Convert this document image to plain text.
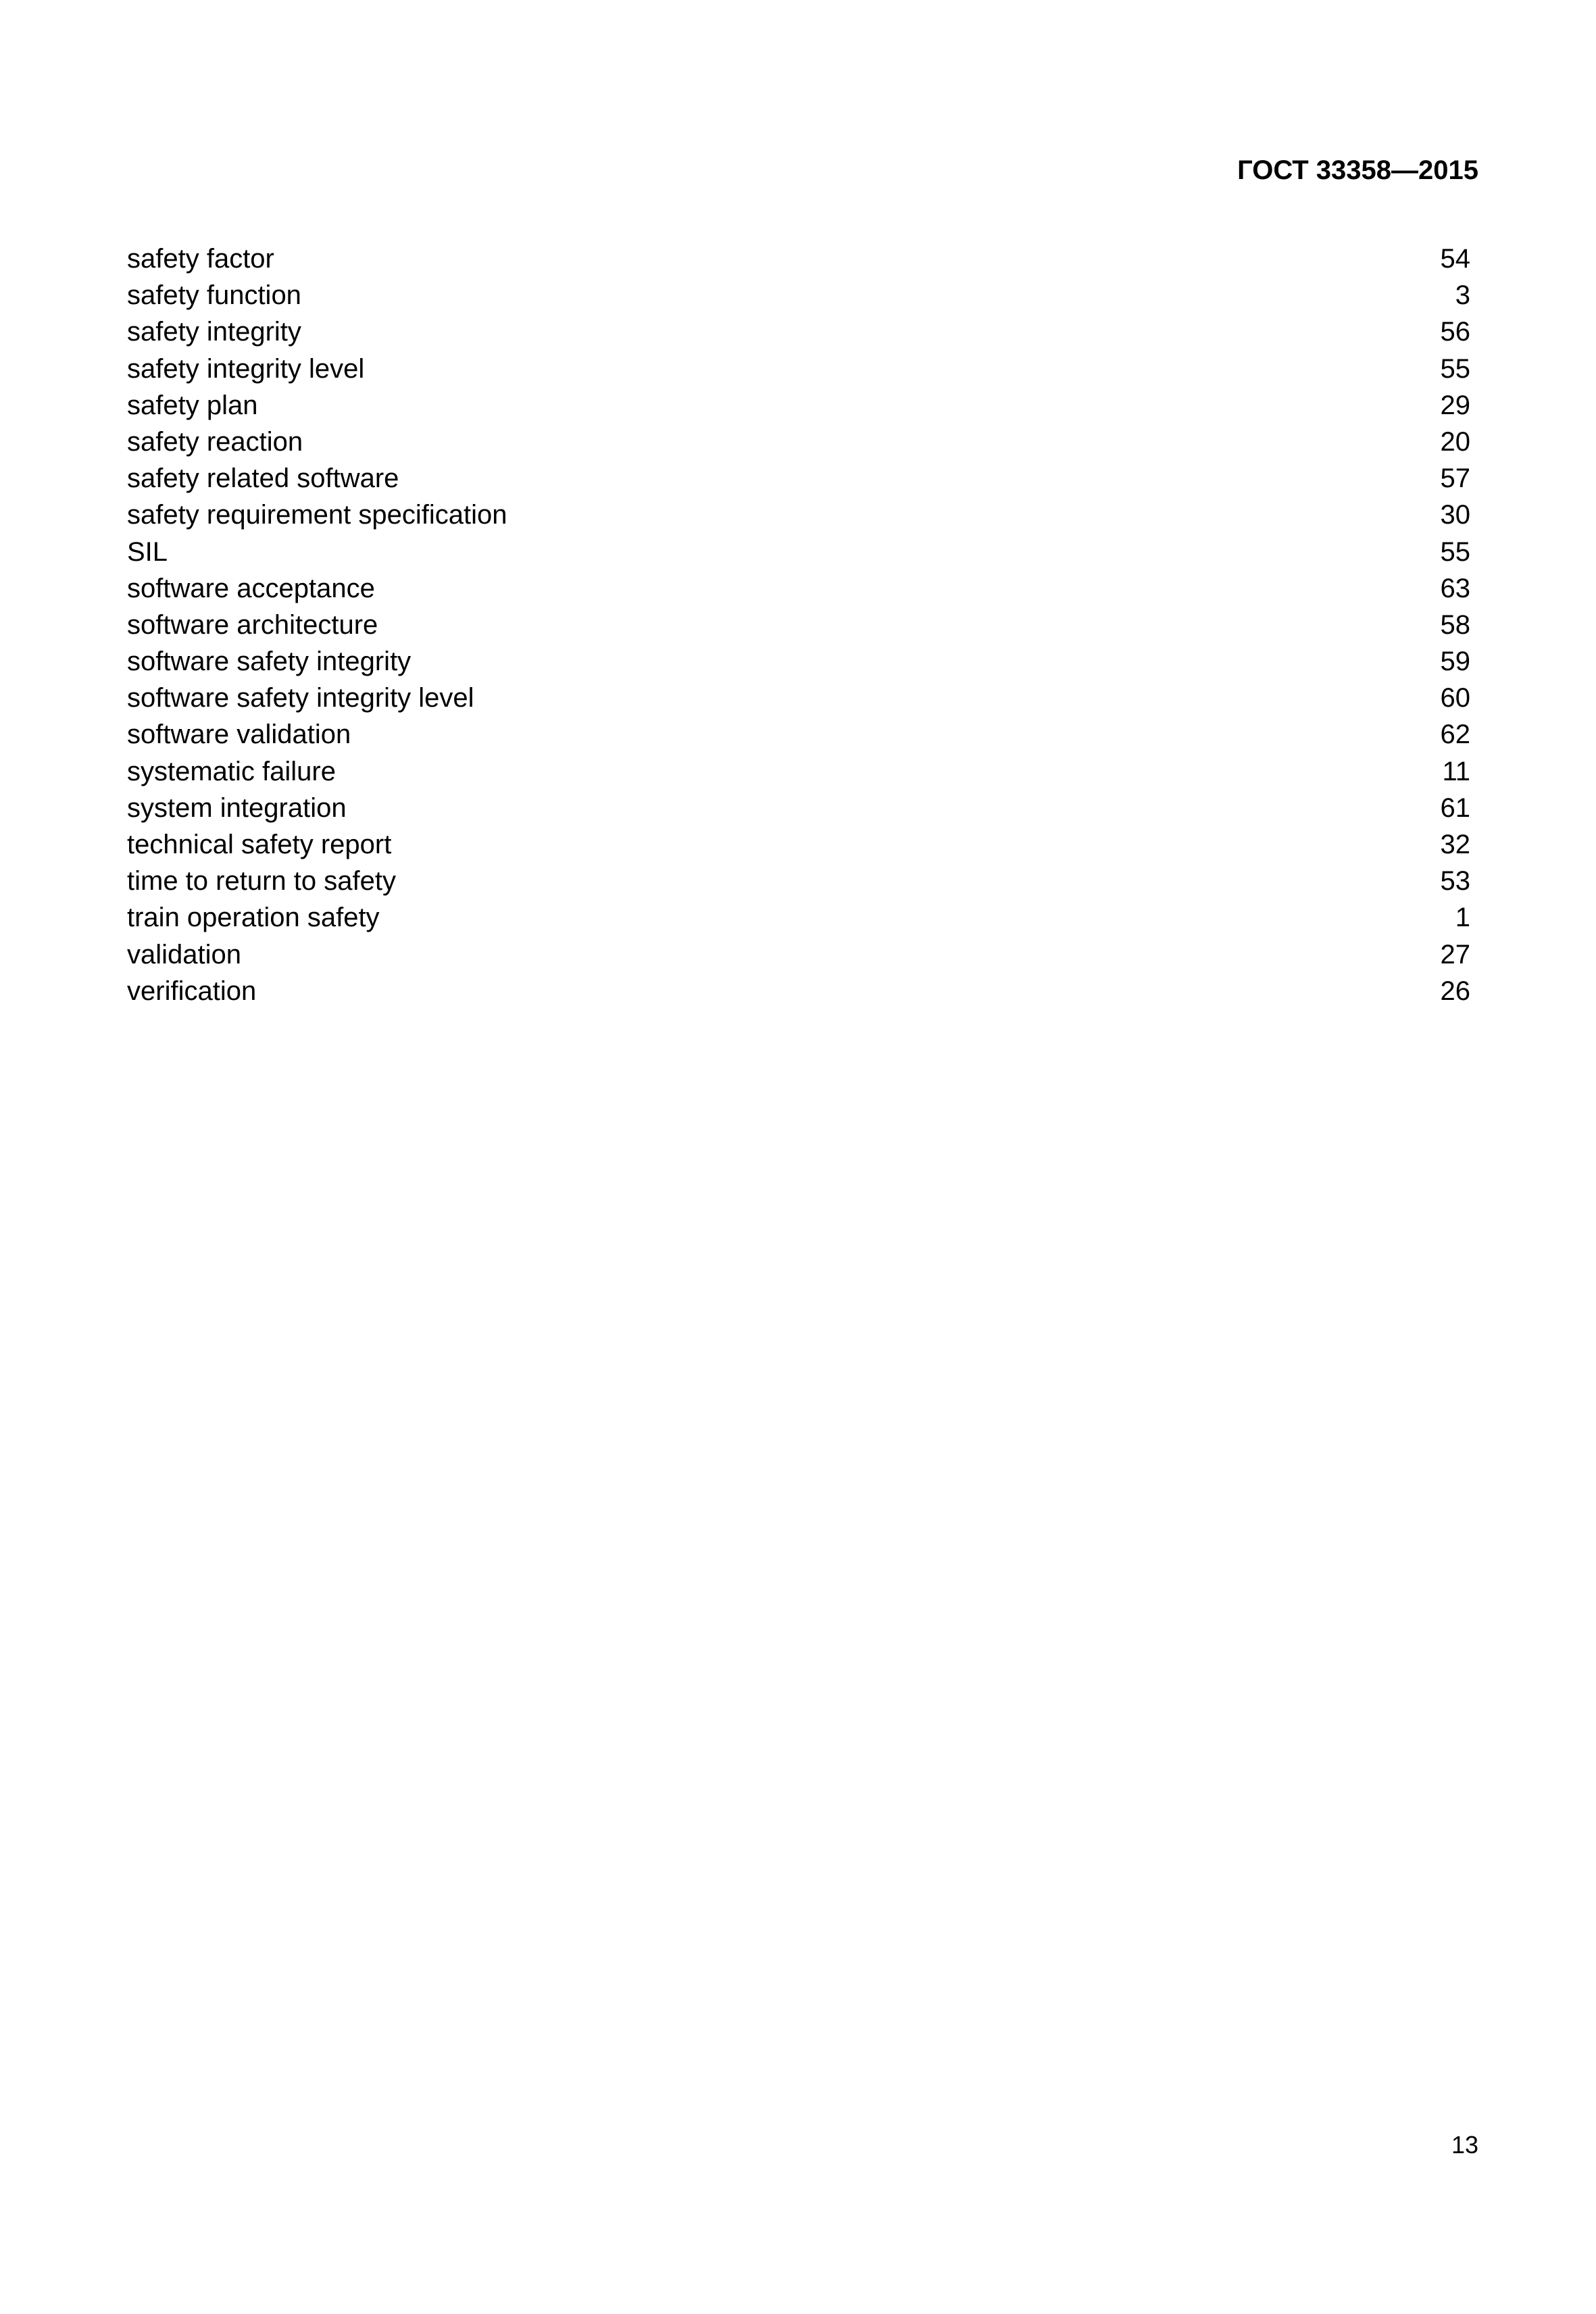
ГОСТ 33358—2015
safety factor	54
safety function	3
safety integrity	56
safety integrity level	55
safety plan	29
safety reaction	20
safety related software	57
safety requirement specification	30
SIL	55
software acceptance	63
software architecture	58
software safety integrity	59
software safety integrity level	60
software validation	62
systematic failure	11
system integration	61
technical safety report	32
time to return to safety	53
train operation safety	1
validation	27
verification	26
13
